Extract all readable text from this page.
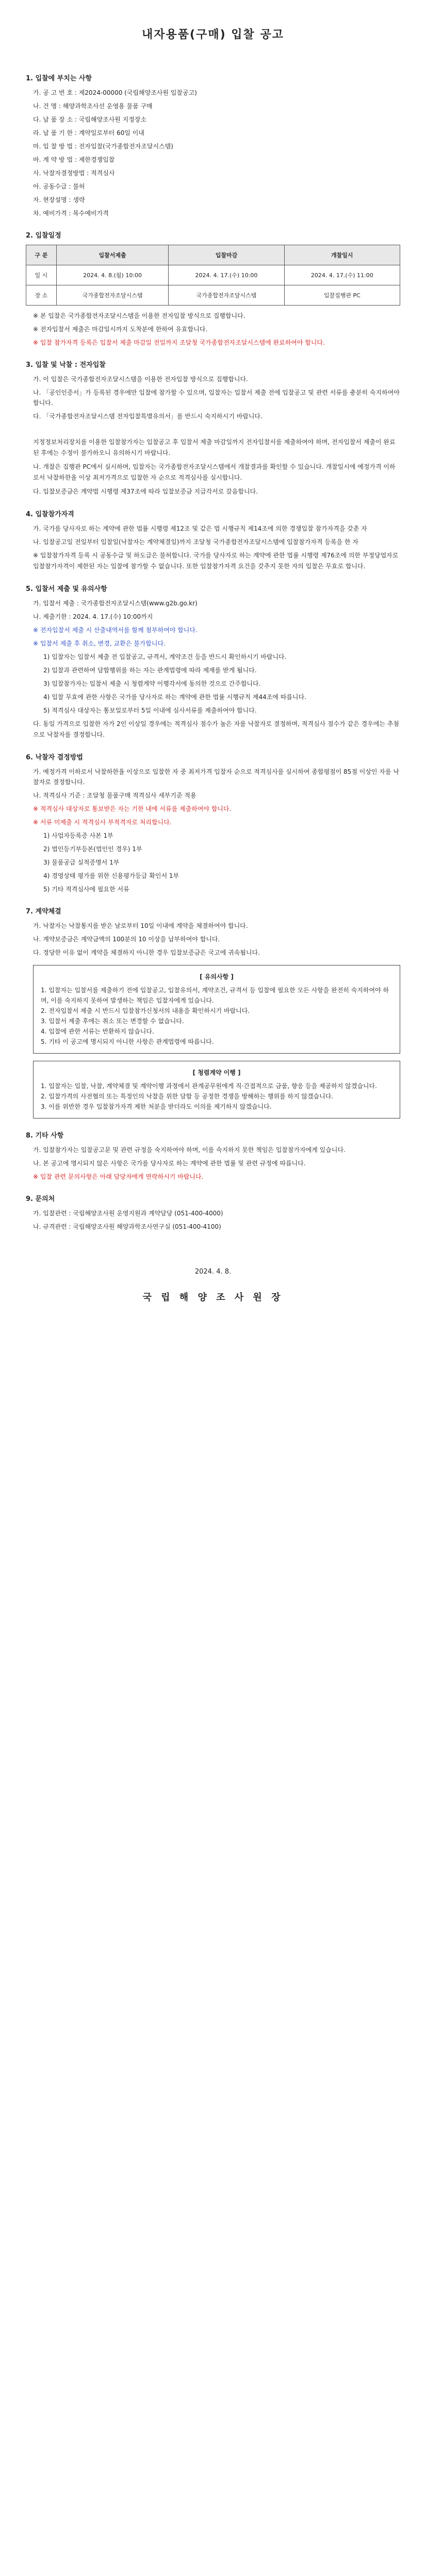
내자용품(구매) 입찰 공고
1. 입찰에 부치는 사항
가. 공 고 번 호 : 제2024-00000 (국립해양조사원 입찰공고)
나. 건 명 : 해양과학조사선 운영용 물품 구매
다. 납 품 장 소 : 국립해양조사원 지정장소
라. 납 품 기 한 : 계약일로부터 60일 이내
마. 입 찰 방 법 : 전자입찰(국가종합전자조달시스템)
바. 계 약 방 법 : 제한경쟁입찰
사. 낙찰자결정방법 : 적격심사
아. 공동수급 : 불허
자. 현장설명 : 생략
차. 예비가격 : 복수예비가격
2. 입찰일정
구 분	입찰서제출	입찰마감	개찰일시
일 시	2024. 4. 8.(월) 10:00	2024. 4. 17.(수) 10:00	2024. 4. 17.(수) 11:00
장 소	국가종합전자조달시스템	국가종합전자조달시스템	입찰집행관 PC
※ 본 입찰은 국가종합전자조달시스템을 이용한 전자입찰 방식으로 집행합니다.
※ 전자입찰서 제출은 마감일시까지 도착분에 한하여 유효합니다.
※ 입찰 참가자격 등록은 입찰서 제출 마감일 전일까지 조달청 국가종합전자조달시스템에 완료하여야 합니다.
3. 입찰 및 낙찰 : 전자입찰
가. 이 입찰은 국가종합전자조달시스템을 이용한 전자입찰 방식으로 집행합니다.
나. 「공인인증서」가 등록된 경우에만 입찰에 참가할 수 있으며, 입찰자는 입찰서 제출 전에 입찰공고 및 관련 서류를 충분히 숙지하여야 합니다.
다. 「국가종합전자조달시스템 전자입찰특별유의서」를 반드시 숙지하시기 바랍니다.
지정정보처리장치를 이용한 입찰참가자는 입찰공고 후 입찰서 제출 마감일까지 전자입찰서를 제출하여야 하며, 전자입찰서 제출이 완료된 후에는 수정이 불가하오니 유의하시기 바랍니다.
나. 개찰은 집행관 PC에서 실시하며, 입찰자는 국가종합전자조달시스템에서 개찰결과를 확인할 수 있습니다. 개찰일시에 예정가격 이하로서 낙찰하한율 이상 최저가격으로 입찰한 자 순으로 적격심사를 실시합니다.
다. 입찰보증금은 계약법 시행령 제37조에 따라 입찰보증금 지급각서로 갈음합니다.
4. 입찰참가자격
가. 국가를 당사자로 하는 계약에 관한 법률 시행령 제12조 및 같은 법 시행규칙 제14조에 의한 경쟁입찰 참가자격을 갖춘 자
나. 입찰공고일 전일부터 입찰일(낙찰자는 계약체결일)까지 조달청 국가종합전자조달시스템에 입찰참가자격 등록을 한 자
※ 입찰참가자격 등록 시 공동수급 및 하도급은 불허합니다. 국가를 당사자로 하는 계약에 관한 법률 시행령 제76조에 의한 부정당업자로 입찰참가자격이 제한된 자는 입찰에 참가할 수 없습니다. 또한 입찰참가자격 요건을 갖추지 못한 자의 입찰은 무효로 합니다.
5. 입찰서 제출 및 유의사항
가. 입찰서 제출 : 국가종합전자조달시스템(www.g2b.go.kr)
나. 제출기한 : 2024. 4. 17.(수) 10:00까지
※ 전자입찰서 제출 시 산출내역서를 함께 첨부하여야 합니다.
※ 입찰서 제출 후 취소, 변경, 교환은 불가합니다.
1) 입찰자는 입찰서 제출 전 입찰공고, 규격서, 계약조건 등을 반드시 확인하시기 바랍니다.
2) 입찰과 관련하여 담합행위를 하는 자는 관계법령에 따라 제재를 받게 됩니다.
3) 입찰참가자는 입찰서 제출 시 청렴계약 이행각서에 동의한 것으로 간주합니다.
4) 입찰 무효에 관한 사항은 국가를 당사자로 하는 계약에 관한 법률 시행규칙 제44조에 따릅니다.
5) 적격심사 대상자는 통보일로부터 5일 이내에 심사서류를 제출하여야 합니다.
다. 동일 가격으로 입찰한 자가 2인 이상일 경우에는 적격심사 점수가 높은 자를 낙찰자로 결정하며, 적격심사 점수가 같은 경우에는 추첨으로 낙찰자를 결정합니다.
6. 낙찰자 결정방법
가. 예정가격 이하로서 낙찰하한율 이상으로 입찰한 자 중 최저가격 입찰자 순으로 적격심사를 실시하여 종합평점이 85점 이상인 자를 낙찰자로 결정합니다.
나. 적격심사 기준 : 조달청 물품구매 적격심사 세부기준 적용
※ 적격심사 대상자로 통보받은 자는 기한 내에 서류를 제출하여야 합니다.
※ 서류 미제출 시 적격심사 부적격자로 처리합니다.
1) 사업자등록증 사본 1부
2) 법인등기부등본(법인인 경우) 1부
3) 물품공급 실적증명서 1부
4) 경영상태 평가를 위한 신용평가등급 확인서 1부
5) 기타 적격심사에 필요한 서류
7. 계약체결
가. 낙찰자는 낙찰통지를 받은 날로부터 10일 이내에 계약을 체결하여야 합니다.
나. 계약보증금은 계약금액의 100분의 10 이상을 납부하여야 합니다.
다. 정당한 이유 없이 계약을 체결하지 아니한 경우 입찰보증금은 국고에 귀속됩니다.
[ 유의사항 ]
1. 입찰자는 입찰서를 제출하기 전에 입찰공고, 입찰유의서, 계약조건, 규격서 등 입찰에 필요한 모든 사항을 완전히 숙지하여야 하며, 이를 숙지하지 못하여 발생하는 책임은 입찰자에게 있습니다.
2. 전자입찰서 제출 시 반드시 입찰참가신청서의 내용을 확인하시기 바랍니다.
3. 입찰서 제출 후에는 취소 또는 변경할 수 없습니다.
4. 입찰에 관한 서류는 반환하지 않습니다.
5. 기타 이 공고에 명시되지 아니한 사항은 관계법령에 따릅니다.
[ 청렴계약 이행 ]
1. 입찰자는 입찰, 낙찰, 계약체결 및 계약이행 과정에서 관계공무원에게 직·간접적으로 금품, 향응 등을 제공하지 않겠습니다.
2. 입찰가격의 사전협의 또는 특정인의 낙찰을 위한 담합 등 공정한 경쟁을 방해하는 행위를 하지 않겠습니다.
3. 이를 위반한 경우 입찰참가자격 제한 처분을 받더라도 이의를 제기하지 않겠습니다.
8. 기타 사항
가. 입찰참가자는 입찰공고문 및 관련 규정을 숙지하여야 하며, 이를 숙지하지 못한 책임은 입찰참가자에게 있습니다.
나. 본 공고에 명시되지 않은 사항은 국가를 당사자로 하는 계약에 관한 법률 및 관련 규정에 따릅니다.
※ 입찰 관련 문의사항은 아래 담당자에게 연락하시기 바랍니다.
9. 문의처
가. 입찰관련 : 국립해양조사원 운영지원과 계약담당 (051-400-4000)
나. 규격관련 : 국립해양조사원 해양과학조사연구실 (051-400-4100)
2024. 4. 8.
국 립 해 양 조 사 원 장
